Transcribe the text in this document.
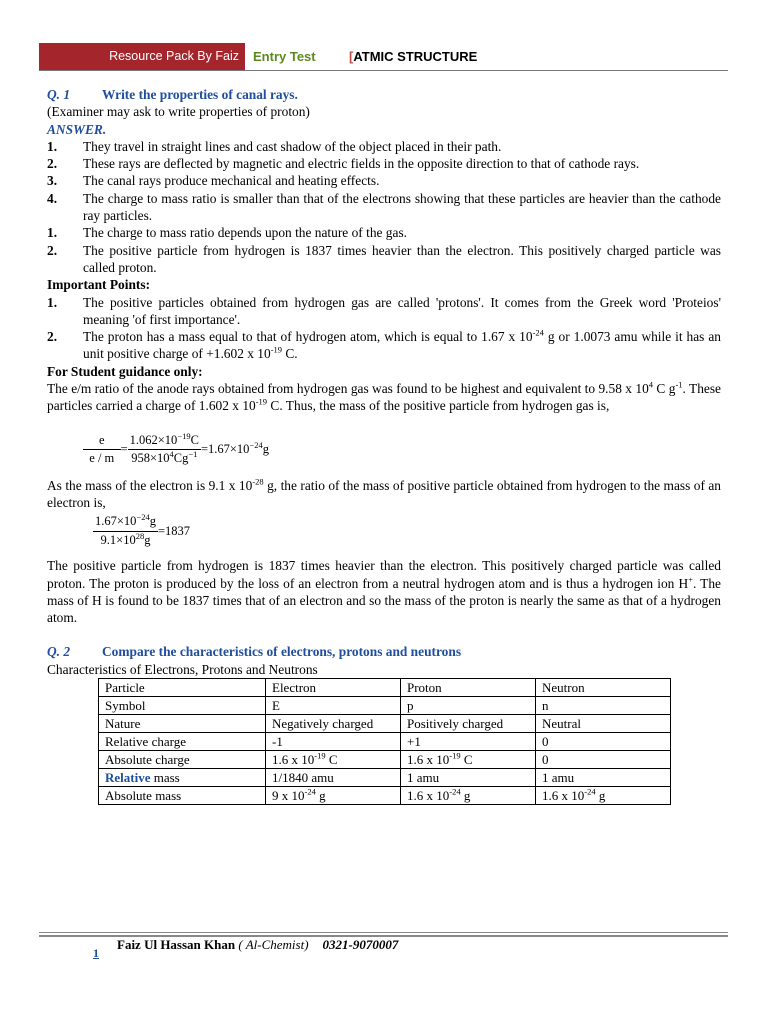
Resource Pack By Faiz	Entry Test	[ATMIC STRUCTURE
Q. 1 Write the properties of canal rays.
(Examiner may ask to write properties of proton)
ANSWER.
1.	They travel in straight lines and cast shadow of the object placed in their path.
2.	These rays are deflected by magnetic and electric fields in the opposite direction to that of cathode rays.
3.	The canal rays produce mechanical and heating effects.
4.	The charge to mass ratio is smaller than that of the electrons showing that these particles are heavier than the cathode ray particles.
1.	The charge to mass ratio depends upon the nature of the gas.
2.	The positive particle from hydrogen is 1837 times heavier than the electron. This positively charged particle was called proton.
Important Points:
1.	The positive particles obtained from hydrogen gas are called 'protons'. It comes from the Greek word 'Proteios' meaning 'of first importance'.
2.	The proton has a mass equal to that of hydrogen atom, which is equal to 1.67 x $10^{-24}$ g or 1.0073 amu while it has an unit positive charge of +1.602 x $10^{-19}$ C.
For Student guidance only:
The e/m ratio of the anode rays obtained from hydrogen gas was found to be highest and equivalent to 9.58 x $10^4$ C $g^{-1}$. These particles carried a charge of 1.602 x $10^{-19}$ C. Thus, the mass of the positive particle from hydrogen gas is,
$\frac{e}{e / m} = \frac{1.062\times 10^{-19}C}{958\times 10^4Cg^{-1}} =1.67\times 10^{-24}g$
As the mass of the electron is 9.1 x $10^{-28}$ g, the ratio of the mass of positive particle obtained from hydrogen to the mass of an electron is,
$\frac{1.67\times 10^{-24}g}{9.1\times 10^{28}g} =1837$
The positive particle from hydrogen is 1837 times heavier than the electron. This positively charged particle was called proton. The proton is produced by the loss of an electron from a neutral hydrogen atom and is thus a hydrogen ion H+. The mass of H is found to be 1837 times that of an electron and so the mass of the proton is nearly the same as that of a hydrogen atom.
Q. 2 Compare the characteristics of electrons, protons and neutrons
Characteristics of Electrons, Protons and Neutrons
Particle	Electron	Proton	Neutron
Symbol	E	p	n
Nature	Negatively charged	Positively charged	Neutral
Relative charge	-1	+1	0
Absolute charge	1.6 x $10^{-19}$ C	1.6 x $10^{-19}$ C	0
Relative mass	1/1840 amu	1 amu	1 amu
Absolute mass	9 x $10^{-24}$ g	1.6 x $10^{-24}$ g	1.6 x $10^{-24}$ g
1
Faiz Ul Hassan Khan ( Al-Chemist) 0321-9070007
